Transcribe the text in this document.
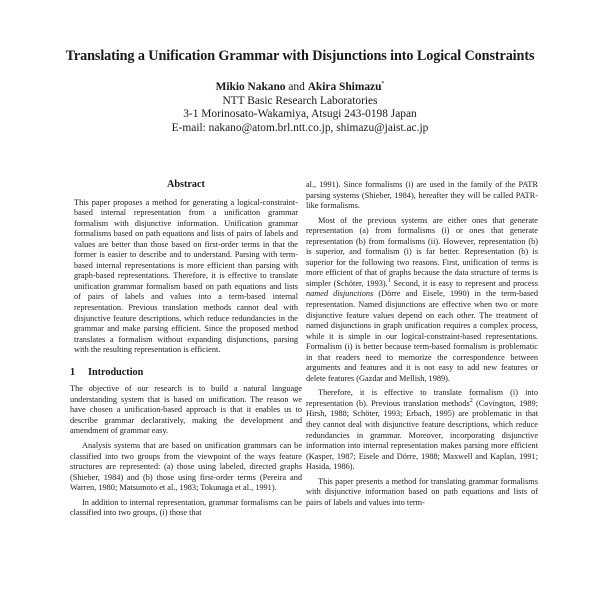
Translating a Unification Grammar with Disjunctions into Logical Constraints
Mikio Nakano and Akira Shimazu*
NTT Basic Research Laboratories
3-1 Morinosato-Wakamiya, Atsugi 243-0198 Japan
E-mail: nakano@atom.brl.ntt.co.jp, shimazu@jaist.ac.jp
Abstract

This paper proposes a method for generating a logical-constraint-based internal representation from a unification grammar formalism with disjunctive information. Unification grammar formalisms based on path equations and lists of pairs of labels and values are better than those based on first-order terms in that the former is easier to describe and to understand. Parsing with term-based internal representations is more efficient than parsing with graph-based representations. Therefore, it is effective to translate unification grammar formalism based on path equations and lists of pairs of labels and values into a term-based internal representation. Previous translation methods cannot deal with disjunctive feature descriptions, which reduce redundancies in the grammar and make parsing efficient. Since the proposed method translates a formalism without expanding disjunctions, parsing with the resulting representation is efficient.

1 Introduction

The objective of our research is to build a natural language understanding system that is based on unification. The reason we have chosen a unification-based approach is that it enables us to describe grammar declaratively, making the development and amendment of grammar easy.

Analysis systems that are based on unification grammars can be classified into two groups from the viewpoint of the ways feature structures are represented: (a) those using labeled, directed graphs (Shieber, 1984) and (b) those using first-order terms (Pereira and Warren, 1980; Matsumoto et al., 1983; Tokunaga et al., 1991).

In addition to internal representation, grammar formalisms can be classified into two groups, (i) those that

al., 1991). Since formalisms (i) are used in the family of the PATR parsing systems (Shieber, 1984), hereafter they will be called PATR-like formalisms.

Most of the previous systems are either ones that generate representation (a) from formalisms (i) or ones that generate representation (b) from formalisms (ii). However, representation (b) is superior, and formalism (i) is far better. Representation (b) is superior for the following two reasons. First, unification of terms is more efficient of that of graphs because the data structure of terms is simpler (Schöter, 1993).$^1$ Second, it is easy to represent and process named disjunctions (Dörre and Eisele, 1990) in the term-based representation. Named disjunctions are effective when two or more disjunctive feature values depend on each other. The treatment of named disjunctions in graph unification requires a complex process, while it is simple in our logical-constraint-based representations. Formalism (i) is better because term-based formalism is problematic in that readers need to memorize the correspondence between arguments and features and it is not easy to add new features or delete features (Gazdar and Mellish, 1989).

Therefore, it is effective to translate formalism (i) into representation (b). Previous translation methods$^2$ (Covington, 1989; Hirsh, 1988; Schöter, 1993; Erbach, 1995) are problematic in that they cannot deal with disjunctive feature descriptions, which reduce redundancies in grammar. Moreover, incorporating disjunctive information into internal representation makes parsing more efficient (Kasper, 1987; Eisele and Dörre, 1988; Maxwell and Kaplan, 1991; Hasida, 1986).

This paper presents a method for translating grammar formalisms with disjunctive information based on path equations and lists of pairs of labels and values into term-
